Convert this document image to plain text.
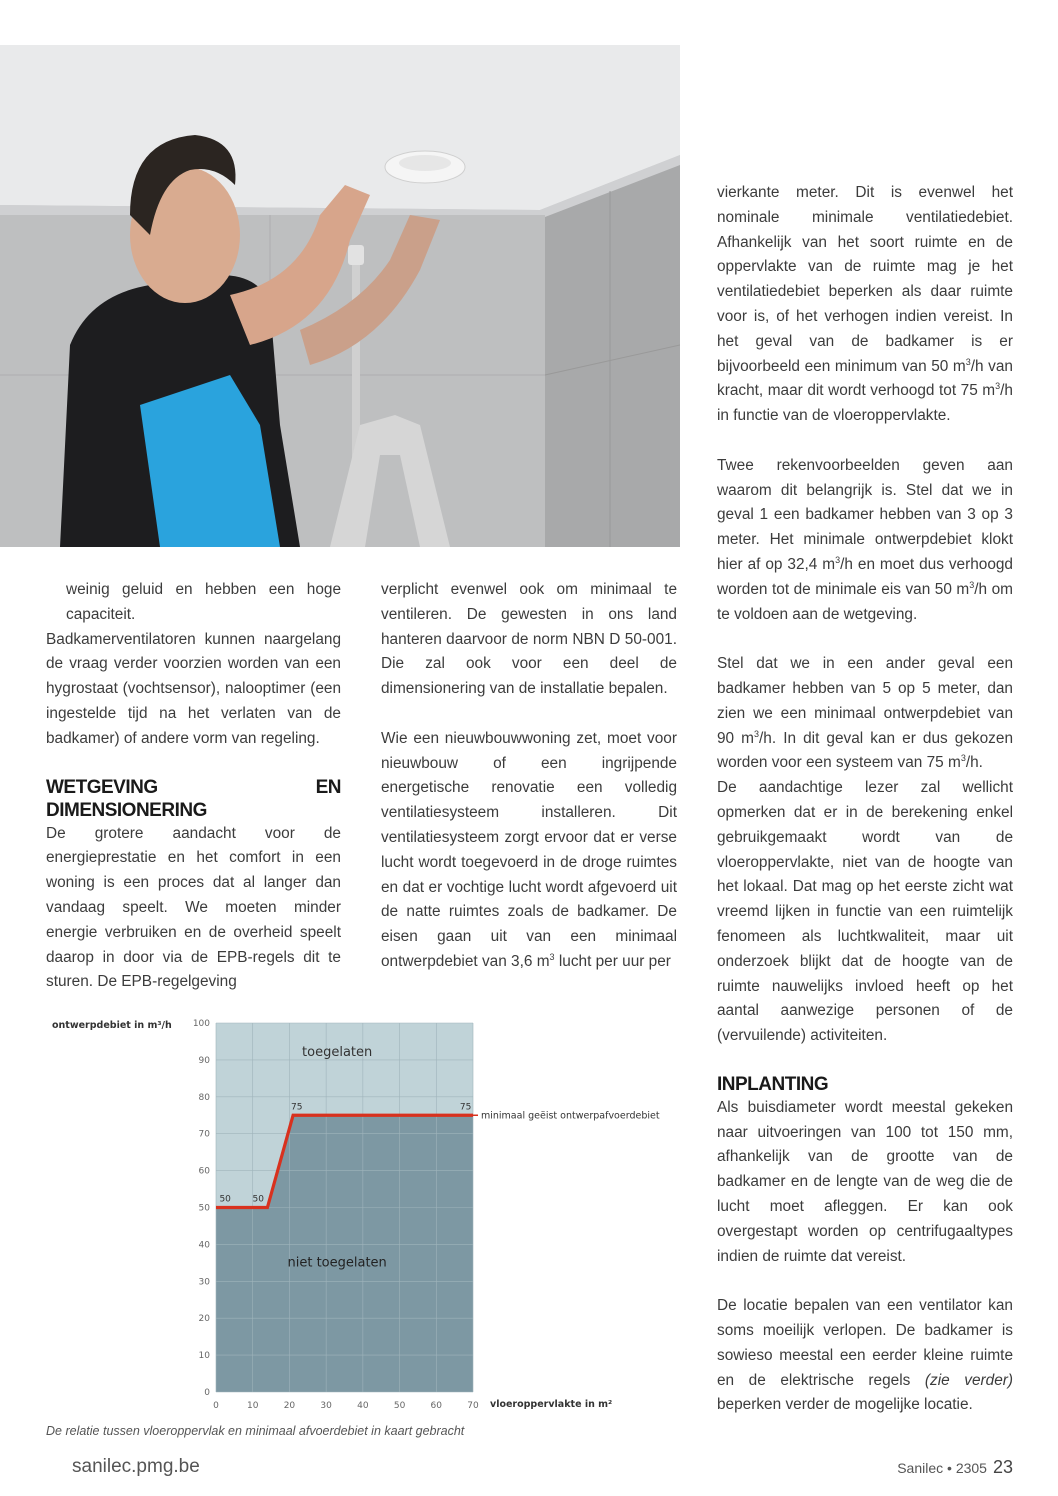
weinig geluid en hebben een hoge capaciteit.

Badkamerventilatoren kunnen naargelang de vraag verder voorzien worden van een hygrostaat (vochtsensor), nalooptimer (een ingestelde tijd na het verlaten van de badkamer) of andere vorm van regeling.

WETGEVING EN DIMENSIONERING

De grotere aandacht voor de energieprestatie en het comfort in een woning is een proces dat al langer dan vandaag speelt. We moeten minder energie verbruiken en de overheid speelt daarop in door via de EPB-regels dit te sturen. De EPB-regelgeving

verplicht evenwel ook om minimaal te ventileren. De gewesten in ons land hanteren daarvoor de norm NBN D 50-001. Die zal ook voor een deel de dimensionering van de installatie bepalen.

Wie een nieuwbouwwoning zet, moet voor nieuwbouw of een ingrijpende energetische renovatie een volledig ventilatiesysteem installeren. Dit ventilatiesysteem zorgt ervoor dat er verse lucht wordt toegevoerd in de droge ruimtes en dat er vochtige lucht wordt afgevoerd uit de natte ruimtes zoals de badkamer. De eisen gaan uit van een minimaal ontwerpdebiet van 3,6 $m^3$ lucht per uur per

vierkante meter. Dit is evenwel het nominale minimale ventilatiedebiet. Afhankelijk van het soort ruimte en de oppervlakte van de ruimte mag je het ventilatiedebiet beperken als daar ruimte voor is, of het verhogen indien vereist. In het geval van de badkamer is er bijvoorbeeld een minimum van 50 $m^3/h$ van kracht, maar dit wordt verhoogd tot 75 $m^3/h$ in functie van de vloeroppervlakte.

Twee rekenvoorbeelden geven aan waarom dit belangrijk is. Stel dat we in geval 1 een badkamer hebben van 3 op 3 meter. Het minimale ontwerpdebiet klokt hier af op 32,4 $m^3/h$ en moet dus verhoogd worden tot de minimale eis van 50 $m^3/h$ om te voldoen aan de wetgeving.

Stel dat we in een ander geval een badkamer hebben van 5 op 5 meter, dan zien we een minimaal ontwerpdebiet van 90 $m^3/h$. In dit geval kan er dus gekozen worden voor een systeem van 75 $m^3/h$.

De aandachtige lezer zal wellicht opmerken dat er in de berekening enkel gebruikgemaakt wordt van de vloeroppervlakte, niet van de hoogte van het lokaal. Dat mag op het eerste zicht wat vreemd lijken in functie van een ruimtelijk fenomeen als luchtkwaliteit, maar uit onderzoek blijkt dat de hoogte van de ruimte nauwelijks invloed heeft op het aantal aanwezige personen of de (vervuilende) activiteiten.

INPLANTING

Als buisdiameter wordt meestal gekeken naar uitvoeringen van 100 tot 150 mm, afhankelijk van de grootte van de badkamer en de lengte van de weg die de lucht moet afleggen. Er kan ook overgestapt worden op centrifugaaltypes indien de ruimte dat vereist.

De locatie bepalen van een ventilator kan soms moeilijk verlopen. De badkamer is sowieso meestal een eerder kleine ruimte en de elektrische regels (zie verder) beperken verder de mogelijke locatie.

ontwerpdebiet in m³/h
0	10	20	30	40	50	60	70
0
10
20
30
40
50
60
70
80
90
100
minimaal geëist ontwerpafvoerdebiet
50 50
75	75
toegelaten
niet toegelaten
vloeroppervlakte in m²
De relatie tussen vloeroppervlak en minimaal afvoerdebiet in kaart gebracht
sanilec.pmg.be	Sanilec • 2305 23
